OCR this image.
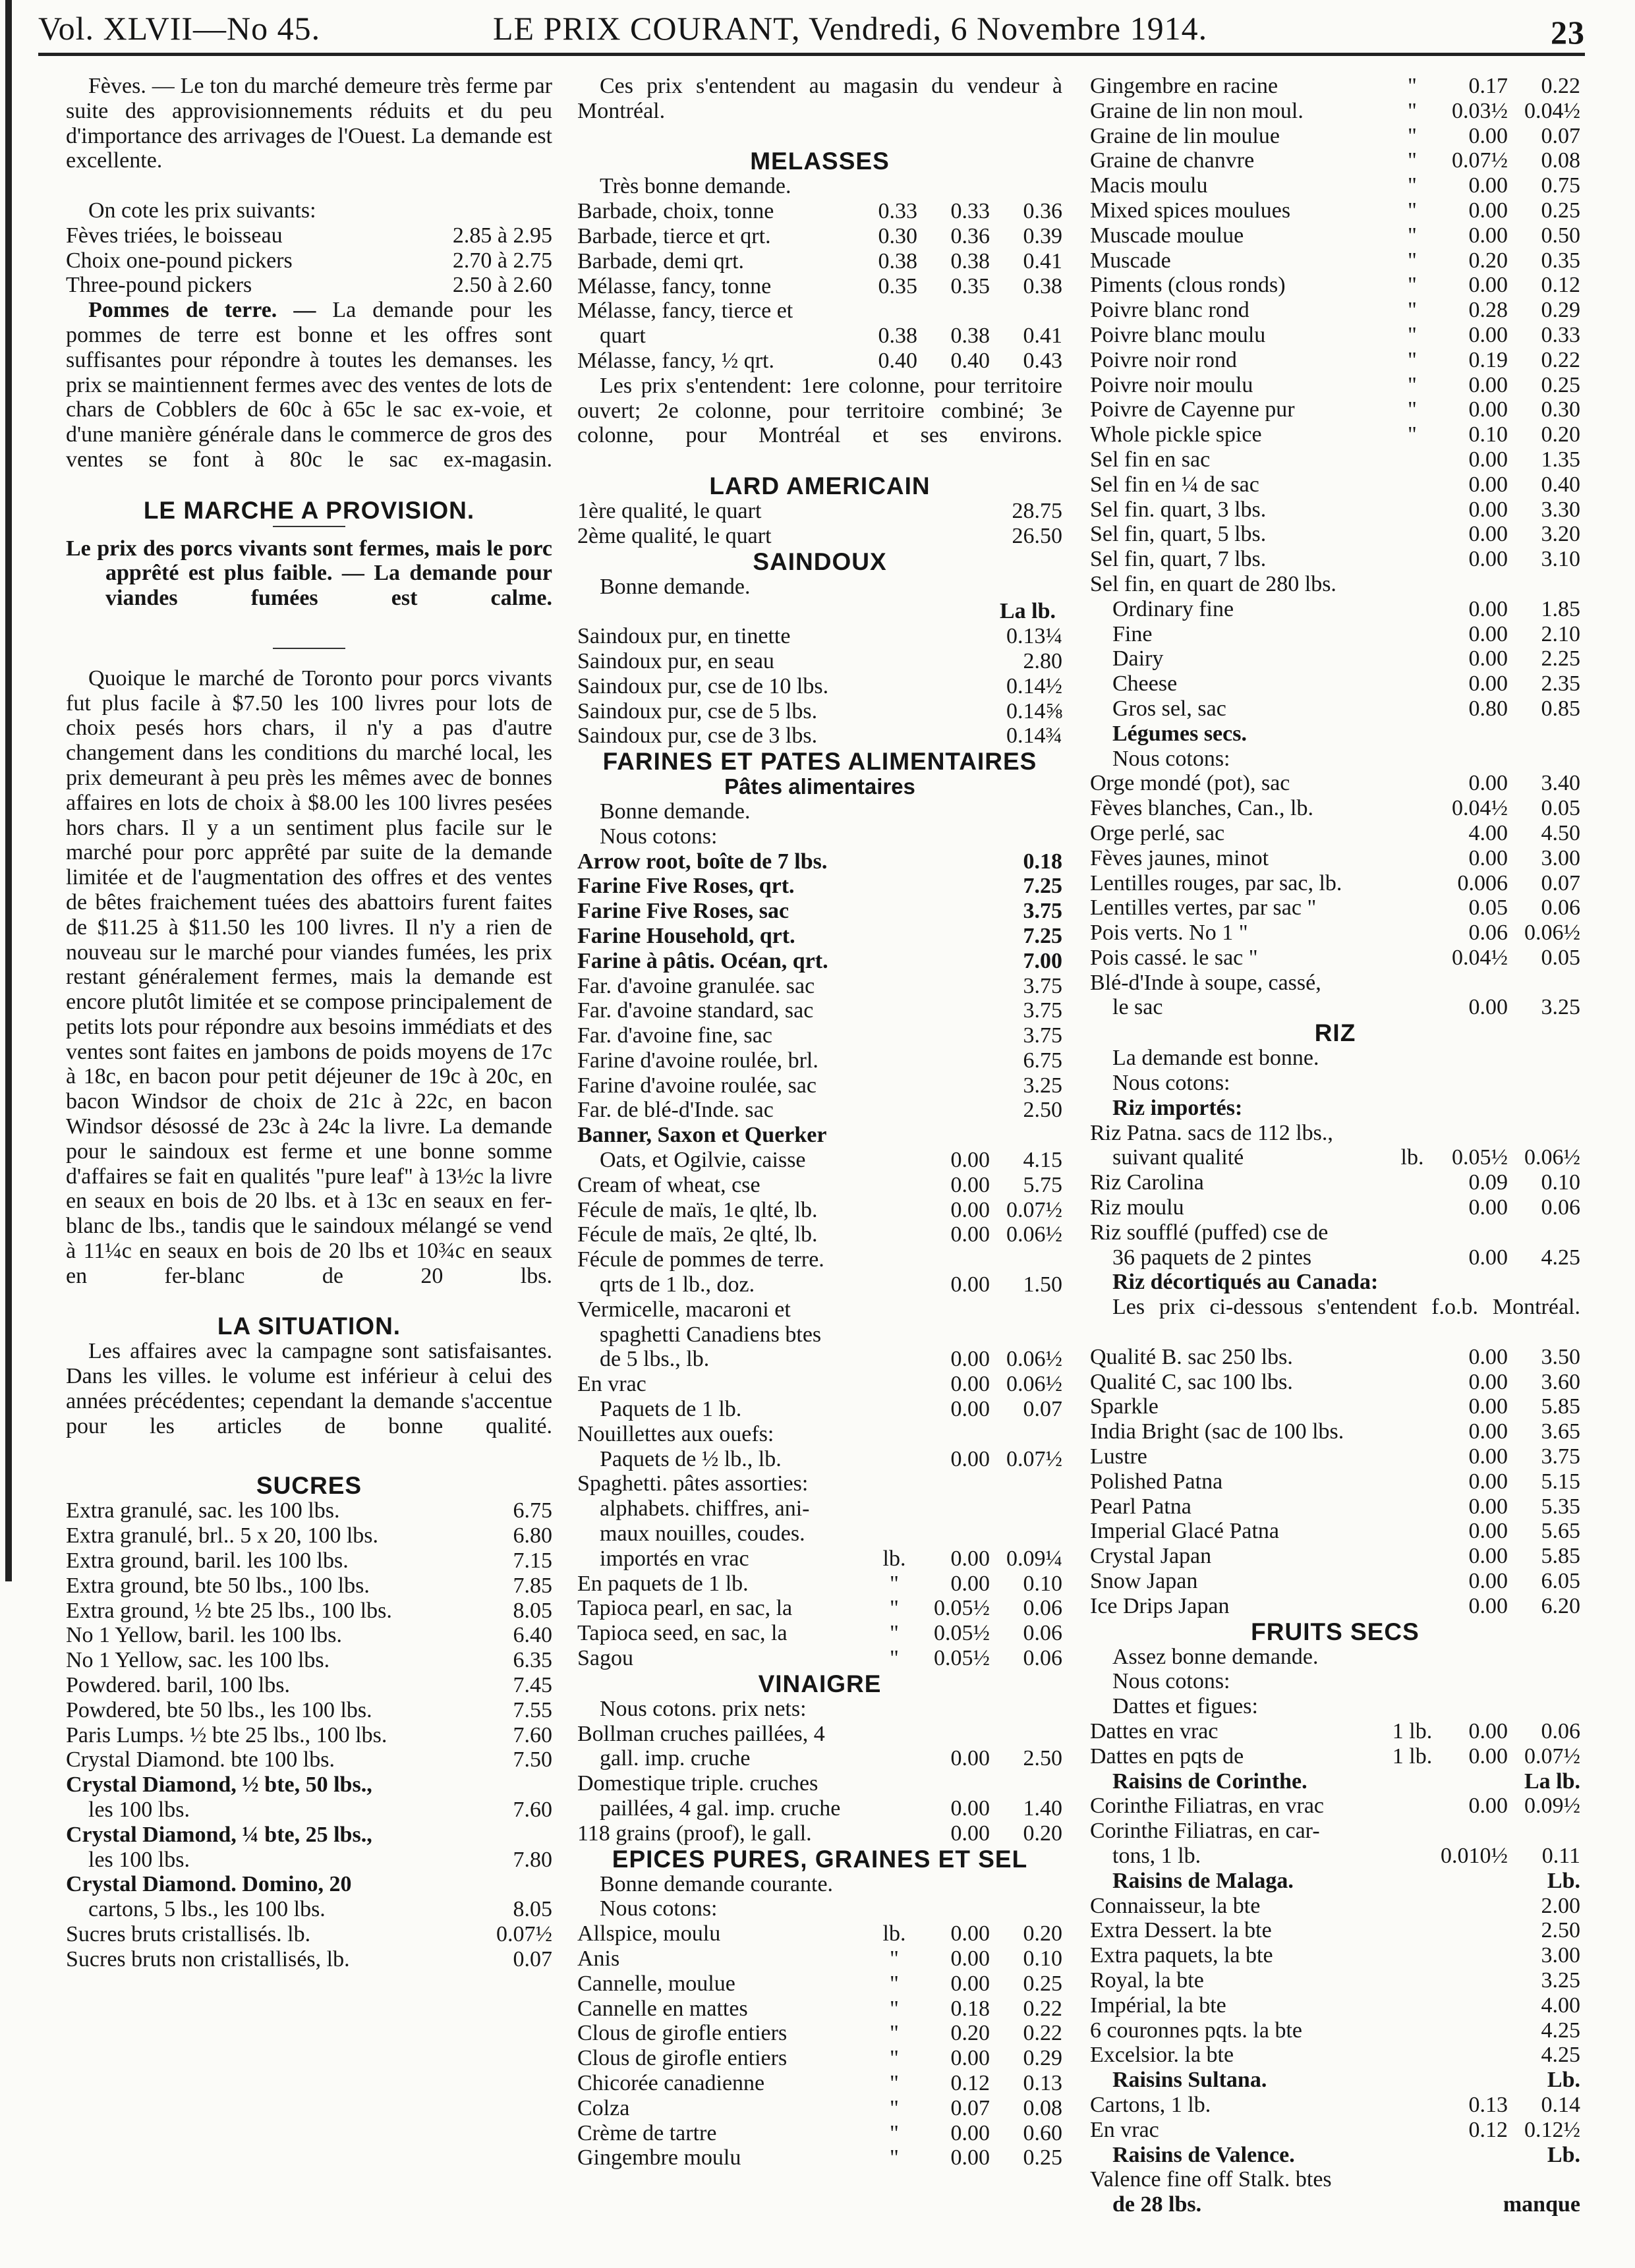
Vol. XLVII—No 45.	LE PRIX COURANT, Vendredi, 6 Novembre 1914.	23
Fèves. — Le ton du marché demeure très ferme par suite des approvisionnements réduits et du peu d'importance des arrivages de l'Ouest. La demande est excellente.
On cote les prix suivants:
Fèves triées, le boisseau	2.85 à 2.95
Choix one-pound pickers	2.70 à 2.75
Three-pound pickers	2.50 à 2.60
Pommes de terre. — La demande pour les pommes de terre est bonne et les offres sont suffisantes pour répondre à toutes les demanses. les prix se maintiennent fermes avec des ventes de lots de chars de Cobblers de 60c à 65c le sac ex-voie, et d'une manière générale dans le commerce de gros des ventes se font à 80c le sac ex-magasin.
LE MARCHE A PROVISION.
Le prix des porcs vivants sont fermes, mais le porc apprêté est plus faible. — La demande pour viandes fumées est calme.
Quoique le marché de Toronto pour porcs vivants fut plus facile à $7.50 les 100 livres pour lots de choix pesés hors chars, il n'y a pas d'autre changement dans les conditions du marché local, les prix demeurant à peu près les mêmes avec de bonnes affaires en lots de choix à $8.00 les 100 livres pesées hors chars. Il y a un sentiment plus facile sur le marché pour porc apprêté par suite de la demande limitée et de l'augmentation des offres et des ventes de bêtes fraichement tuées des abattoirs furent faites de $11.25 à $11.50 les 100 livres. Il n'y a rien de nouveau sur le marché pour viandes fumées, les prix restant généralement fermes, mais la demande est encore plutôt limitée et se compose principalement de petits lots pour répondre aux besoins immédiats et des ventes sont faites en jambons de poids moyens de 17c à 18c, en bacon pour petit déjeuner de 19c à 20c, en bacon Windsor de choix de 21c à 22c, en bacon Windsor désossé de 23c à 24c la livre. La demande pour le saindoux est ferme et une bonne somme d'affaires se fait en qualités "pure leaf" à 13½c la livre en seaux en bois de 20 lbs. et à 13c en seaux en fer-blanc de lbs., tandis que le saindoux mélangé se vend à 11¼c en seaux en bois de 20 lbs et 10¾c en seaux en fer-blanc de 20 lbs.
LA SITUATION.
Les affaires avec la campagne sont satisfaisantes. Dans les villes. le volume est inférieur à celui des années précédentes; cependant la demande s'accentue pour les articles de bonne qualité.
SUCRES
Extra granulé, sac. les 100 lbs.	6.75
Extra granulé, brl.. 5 x 20, 100 lbs.	6.80
Extra ground, baril. les 100 lbs.	7.15
Extra ground, bte 50 lbs., 100 lbs.	7.85
Extra ground, ½ bte 25 lbs., 100 lbs.	8.05
No 1 Yellow, baril. les 100 lbs.	6.40
No 1 Yellow, sac. les 100 lbs.	6.35
Powdered. baril, 100 lbs.	7.45
Powdered, bte 50 lbs., les 100 lbs.	7.55
Paris Lumps. ½ bte 25 lbs., 100 lbs.	7.60
Crystal Diamond. bte 100 lbs.	7.50
Crystal Diamond, ½ bte, 50 lbs.,
les 100 lbs.	7.60
Crystal Diamond, ¼ bte, 25 lbs.,
les 100 lbs.	7.80
Crystal Diamond. Domino, 20
cartons, 5 lbs., les 100 lbs.	8.05
Sucres bruts cristallisés. lb.	0.07½
Sucres bruts non cristallisés, lb.	0.07
Ces prix s'entendent au magasin du vendeur à Montréal.
MELASSES
Très bonne demande.
Barbade, choix, tonne	0.33	0.33	0.36
Barbade, tierce et qrt.	0.30	0.36	0.39
Barbade, demi qrt.	0.38	0.38	0.41
Mélasse, fancy, tonne	0.35	0.35	0.38
Mélasse, fancy, tierce et
quart	0.38	0.38	0.41
Mélasse, fancy, ½ qrt.	0.40	0.40	0.43
Les prix s'entendent: 1ere colonne, pour territoire ouvert; 2e colonne, pour territoire combiné; 3e colonne, pour Montréal et ses environs.
LARD AMERICAIN
1ère qualité, le quart	28.75
2ème qualité, le quart	26.50
SAINDOUX
Bonne demande.
La lb.
Saindoux pur, en tinette	0.13¼
Saindoux pur, en seau	2.80
Saindoux pur, cse de 10 lbs.	0.14½
Saindoux pur, cse de 5 lbs.	0.14⅝
Saindoux pur, cse de 3 lbs.	0.14¾
FARINES ET PATES ALIMENTAIRES
Pâtes alimentaires
Bonne demande.
Nous cotons:
Arrow root, boîte de 7 lbs.	0.18
Farine Five Roses, qrt.	7.25
Farine Five Roses, sac	3.75
Farine Household, qrt.	7.25
Farine à pâtis. Océan, qrt.	7.00
Far. d'avoine granulée. sac	3.75
Far. d'avoine standard, sac	3.75
Far. d'avoine fine, sac	3.75
Farine d'avoine roulée, brl.	6.75
Farine d'avoine roulée, sac	3.25
Far. de blé-d'Inde. sac	2.50
Banner, Saxon et Querker
Oats, et Ogilvie, caisse	0.00	4.15
Cream of wheat, cse	0.00	5.75
Fécule de maïs, 1e qlté, lb.	0.00 0.07½
Fécule de maïs, 2e qlté, lb.	0.00 0.06½
Fécule de pommes de terre.
qrts de 1 lb., doz.	0.00	1.50
Vermicelle, macaroni et
spaghetti Canadiens btes
de 5 lbs., lb.	0.00 0.06½
En vrac	0.00 0.06½
Paquets de 1 lb.	0.00	0.07
Nouillettes aux ouefs:
Paquets de ½ lb., lb.	0.00 0.07½
Spaghetti. pâtes assorties:
alphabets. chiffres, ani-
maux nouilles, coudes.
importés en vrac	lb.	0.00 0.09¼
En paquets de 1 lb.	"	0.00	0.10
Tapioca pearl, en sac, la	"	0.05½	0.06
Tapioca seed, en sac, la	"	0.05½	0.06
Sagou	"	0.05½	0.06
VINAIGRE
Nous cotons. prix nets:
Bollman cruches paillées, 4
gall. imp. cruche	0.00	2.50
Domestique triple. cruches
paillées, 4 gal. imp. cruche	0.00	1.40
118 grains (proof), le gall.	0.00	0.20
EPICES PURES, GRAINES ET SEL
Bonne demande courante.
Nous cotons:
Allspice, moulu	lb.	0.00	0.20
Anis	"	0.00	0.10
Cannelle, moulue	"	0.00	0.25
Cannelle en mattes	"	0.18	0.22
Clous de girofle entiers	"	0.20	0.22
Clous de girofle entiers	"	0.00	0.29
Chicorée canadienne	"	0.12	0.13
Colza	"	0.07	0.08
Crème de tartre	"	0.00	0.60
Gingembre moulu	"	0.00	0.25
Gingembre en racine	"	0.17	0.22
Graine de lin non moul.	"	0.03½ 0.04½
Graine de lin moulue	"	0.00	0.07
Graine de chanvre	"	0.07½	0.08
Macis moulu	"	0.00	0.75
Mixed spices moulues	"	0.00	0.25
Muscade moulue	"	0.00	0.50
Muscade	"	0.20	0.35
Piments (clous ronds)	"	0.00	0.12
Poivre blanc rond	"	0.28	0.29
Poivre blanc moulu	"	0.00	0.33
Poivre noir rond	"	0.19	0.22
Poivre noir moulu	"	0.00	0.25
Poivre de Cayenne pur	"	0.00	0.30
Whole pickle spice	"	0.10	0.20
Sel fin en sac	0.00	1.35
Sel fin en ¼ de sac	0.00	0.40
Sel fin. quart, 3 lbs.	0.00	3.30
Sel fin, quart, 5 lbs.	0.00	3.20
Sel fin, quart, 7 lbs.	0.00	3.10
Sel fin, en quart de 280 lbs.
Ordinary fine	0.00	1.85
Fine	0.00	2.10
Dairy	0.00	2.25
Cheese	0.00	2.35
Gros sel, sac	0.80	0.85
Légumes secs.
Nous cotons:
Orge mondé (pot), sac	0.00	3.40
Fèves blanches, Can., lb.	0.04½	0.05
Orge perlé, sac	4.00	4.50
Fèves jaunes, minot	0.00	3.00
Lentilles rouges, par sac, lb.	0.006	0.07
Lentilles vertes, par sac "	0.05	0.06
Pois verts. No 1 "	0.06 0.06½
Pois cassé. le sac "	0.04½	0.05
Blé-d'Inde à soupe, cassé,
le sac	0.00	3.25
RIZ
La demande est bonne.
Nous cotons:
Riz importés:
Riz Patna. sacs de 112 lbs.,
suivant qualité	lb.	0.05½ 0.06½
Riz Carolina	0.09	0.10
Riz moulu	0.00	0.06
Riz soufflé (puffed) cse de
36 paquets de 2 pintes	0.00	4.25
Riz décortiqués au Canada:
Les prix ci-dessous s'entendent f.o.b. Montréal.
Qualité B. sac 250 lbs.	0.00	3.50
Qualité C, sac 100 lbs.	0.00	3.60
Sparkle	0.00	5.85
India Bright (sac de 100 lbs.	0.00	3.65
Lustre	0.00	3.75
Polished Patna	0.00	5.15
Pearl Patna	0.00	5.35
Imperial Glacé Patna	0.00	5.65
Crystal Japan	0.00	5.85
Snow Japan	0.00	6.05
Ice Drips Japan	0.00	6.20
FRUITS SECS
Assez bonne demande.
Nous cotons:
Dattes et figues:
Dattes en vrac	1 lb.	0.00	0.06
Dattes en pqts de	1 lb.	0.00 0.07½
Raisins de Corinthe.	La lb.
Corinthe Filiatras, en vrac	0.00 0.09½
Corinthe Filiatras, en car-
tons, 1 lb.	0.010½	0.11
Raisins de Malaga.	Lb.
Connaisseur, la bte	2.00
Extra Dessert. la bte	2.50
Extra paquets, la bte	3.00
Royal, la bte	3.25
Impérial, la bte	4.00
6 couronnes pqts. la bte	4.25
Excelsior. la bte	4.25
Raisins Sultana.	Lb.
Cartons, 1 lb.	0.13	0.14
En vrac	0.12 0.12½
Raisins de Valence.	Lb.
Valence fine off Stalk. btes
de 28 lbs.	manque
